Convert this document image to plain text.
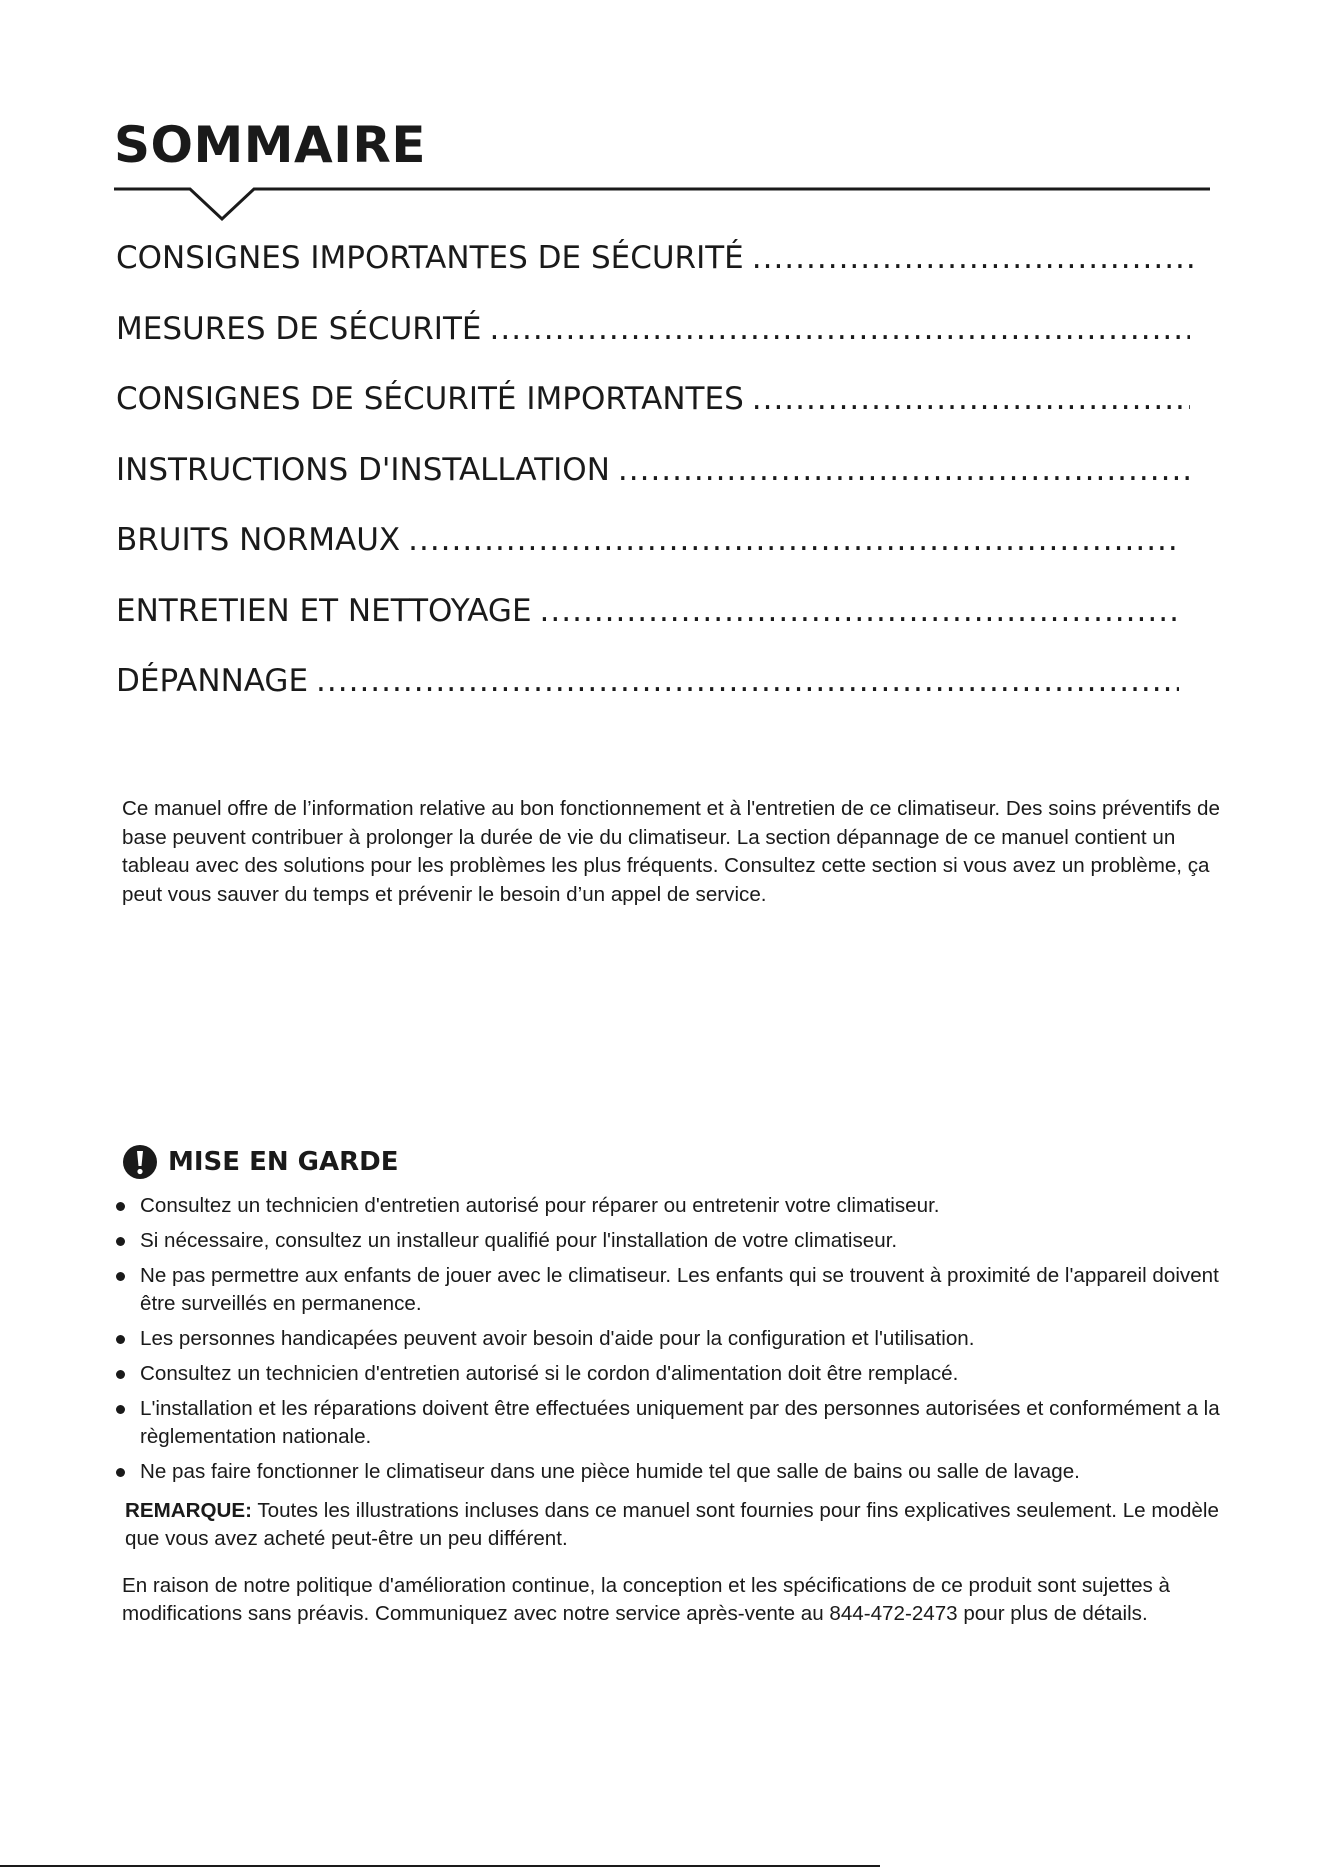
SOMMAIRE
CONSIGNES IMPORTANTES DE SÉCURITÉ
.....
MESURES DE SÉCURITÉ
.....
CONSIGNES DE SÉCURITÉ IMPORTANTES
.....
INSTRUCTIONS D'INSTALLATION
.....
BRUITS NORMAUX
.....
ENTRETIEN ET NETTOYAGE
.....
DÉPANNAGE
.....

Ce manuel offre de l’information relative au bon fonctionnement et à l'entretien de ce climatiseur. Des soins préventifs de base peuvent contribuer à prolonger la durée de vie du climatiseur. La section dépannage de ce manuel contient un tableau avec des solutions pour les problèmes les plus fréquents. Consultez cette section si vous avez un problème, ça peut vous sauver du temps et prévenir le besoin d’un appel de service.

MISE EN GARDE
Consultez un technicien d'entretien autorisé pour réparer ou entretenir votre climatiseur.
Si nécessaire, consultez un installeur qualifié pour l'installation de votre climatiseur.
Ne pas permettre aux enfants de jouer avec le climatiseur. Les enfants qui se trouvent à proximité de l'appareil doivent être surveillés en permanence.
Les personnes handicapées peuvent avoir besoin d'aide pour la configuration et l'utilisation.
Consultez un technicien d'entretien autorisé si le cordon d'alimentation doit être remplacé.
L'installation et les réparations doivent être effectuées uniquement par des personnes autorisées et conformément a la règlementation nationale.
Ne pas faire fonctionner le climatiseur dans une pièce humide tel que salle de bains ou salle de lavage.

REMARQUE: Toutes les illustrations incluses dans ce manuel sont fournies pour fins explicatives seulement. Le modèle que vous avez acheté peut-être un peu différent.

En raison de notre politique d'amélioration continue, la conception et les spécifications de ce produit sont sujettes à modifications sans préavis. Communiquez avec notre service après-vente au 844-472-2473 pour plus de détails.
